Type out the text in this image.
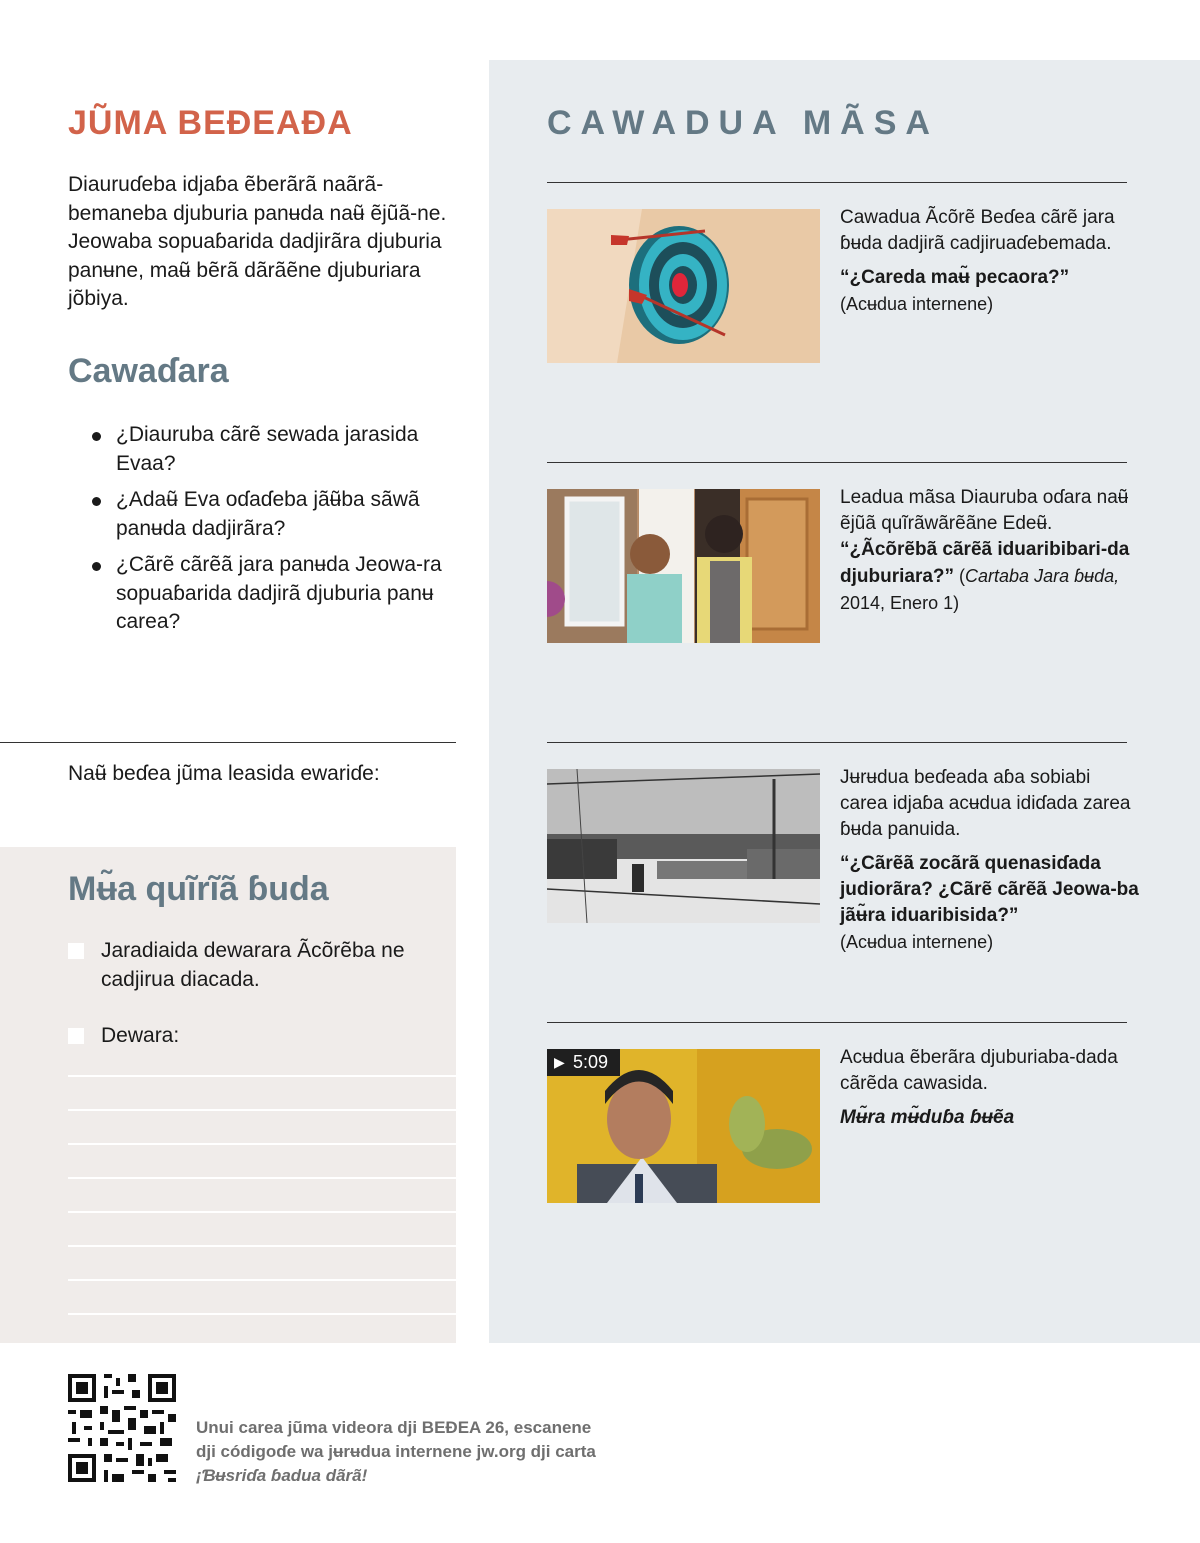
JŨMA BEƉEAƉA

Diauruɗeba idjaɓa ẽberãrã naãrã-bemaneba djuburia panʉda naʉ̃ ẽjũã-ne. Jeowaba sopuaɓarida dadjirãra djuburia panʉne, maʉ̃ bẽrã dãrãẽne djuburiara jõbiya.

Cawaɗara
¿Diauruba cãrẽ sewada jarasida Evaa?
¿Adaʉ̃ Eva oɗaɗeba jãʉ̃ba sãwã panʉda dadjirãra?
¿Cãrẽ cãrẽã jara panʉda Jeowa-ra sopuaɓarida dadjirã djuburia panʉ carea?

Naʉ̃ beɗea jũma leasida ewariɗe:

Mʉ̃a quĩrĩã ɓuda
Jaradiaida dewarara Ãcõrẽba ne cadjirua diacada.
Dewara:
CAWADUA MÃSA

Cawadua Ãcõrẽ Beɗea cãrẽ jara ɓʉda dadjirã cadjiruaɗebemada.

“¿Careda maʉ̃ pecaora?”

(Acʉdua internene)

Leadua mãsa Diauruba oɗara naʉ̃ ẽjũã quĩrãwãrẽãne Edeʉ̃.

“¿Ãcõrẽbã cãrẽã iduaribibari-da djuburiara?” (Cartaba Jara ɓʉda, 2014, Enero 1)

Jʉrʉdua beɗeada aɓa sobiabi carea idjaɓa acʉdua idiɗada zarea ɓʉda panuida.

“¿Cãrẽã zocãrã quenasiɗada judiorãra? ¿Cãrẽ cãrẽã Jeowa-ba jãʉ̃ra iduaribisida?”

(Acʉdua internene)

▶ 5:09	Acʉdua ẽberãra djuburiaba-dada cãrẽda cawasida.

Mʉ̃ra mʉ̃duɓa ɓʉẽa

Unui carea jũma videora dji BEƉEA 26, escanene
dji códigoɗe wa jʉrʉdua internene jw.org dji carta
¡Ɓʉsriɗa ɓadua dãrã!
